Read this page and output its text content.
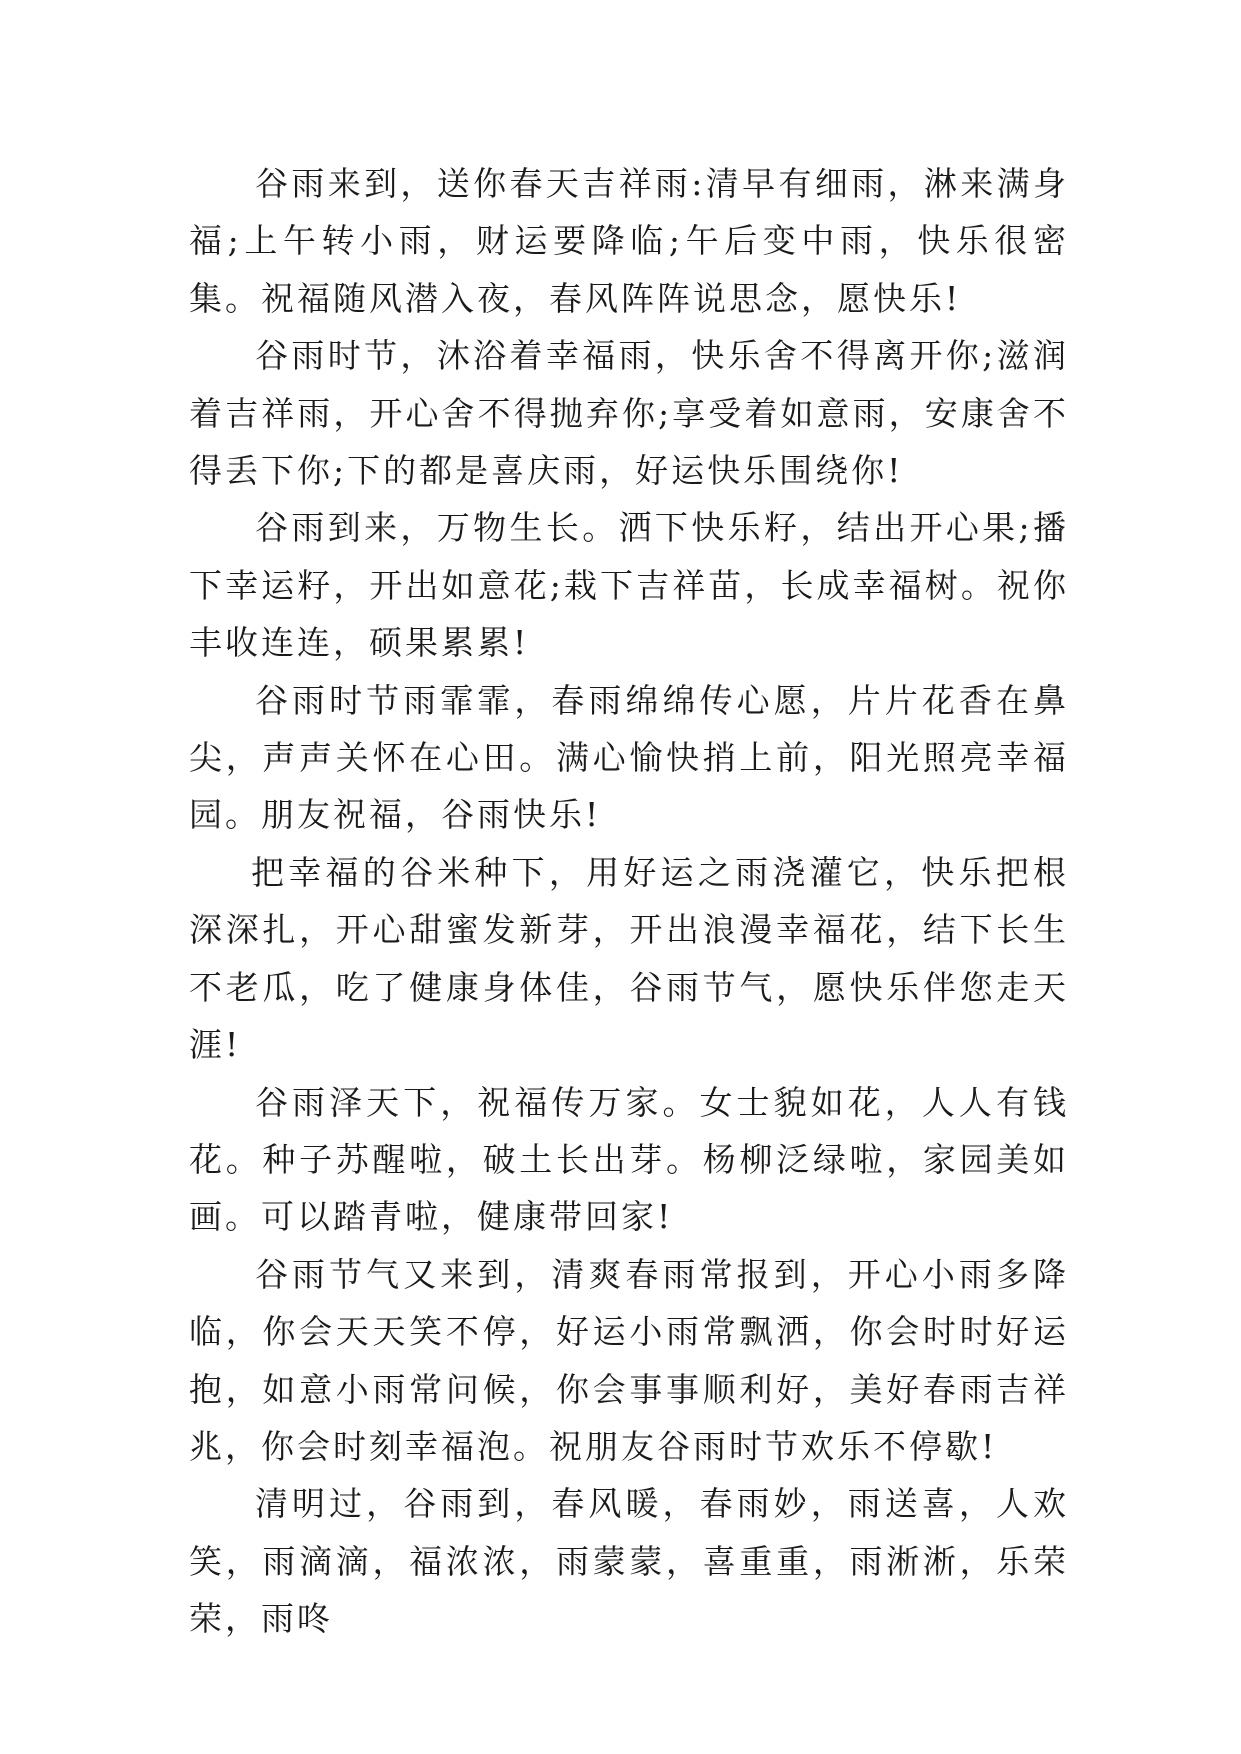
谷雨来到，送你春天吉祥雨:清早有细雨，淋来满身福;上午转小雨，财运要降临;午后变中雨，快乐很密集。祝福随风潜入夜，春风阵阵说思念，愿快乐!

谷雨时节，沐浴着幸福雨，快乐舍不得离开你;滋润着吉祥雨，开心舍不得抛弃你;享受着如意雨，安康舍不得丢下你;下的都是喜庆雨，好运快乐围绕你!

谷雨到来，万物生长。洒下快乐籽，结出开心果;播下幸运籽，开出如意花;栽下吉祥苗，长成幸福树。祝你丰收连连，硕果累累!

谷雨时节雨霏霏，春雨绵绵传心愿，片片花香在鼻尖，声声关怀在心田。满心愉快捎上前，阳光照亮幸福园。朋友祝福，谷雨快乐!

把幸福的谷米种下，用好运之雨浇灌它，快乐把根深深扎，开心甜蜜发新芽，开出浪漫幸福花，结下长生不老瓜，吃了健康身体佳，谷雨节气，愿快乐伴您走天涯!

谷雨泽天下，祝福传万家。女士貌如花，人人有钱花。种子苏醒啦，破土长出芽。杨柳泛绿啦，家园美如画。可以踏青啦，健康带回家!

谷雨节气又来到，清爽春雨常报到，开心小雨多降临，你会天天笑不停，好运小雨常飘洒，你会时时好运抱，如意小雨常问候，你会事事顺利好，美好春雨吉祥兆，你会时刻幸福泡。祝朋友谷雨时节欢乐不停歇!

清明过，谷雨到，春风暖，春雨妙，雨送喜，人欢笑，雨滴滴，福浓浓，雨蒙蒙，喜重重，雨淅淅，乐荣荣，雨咚
